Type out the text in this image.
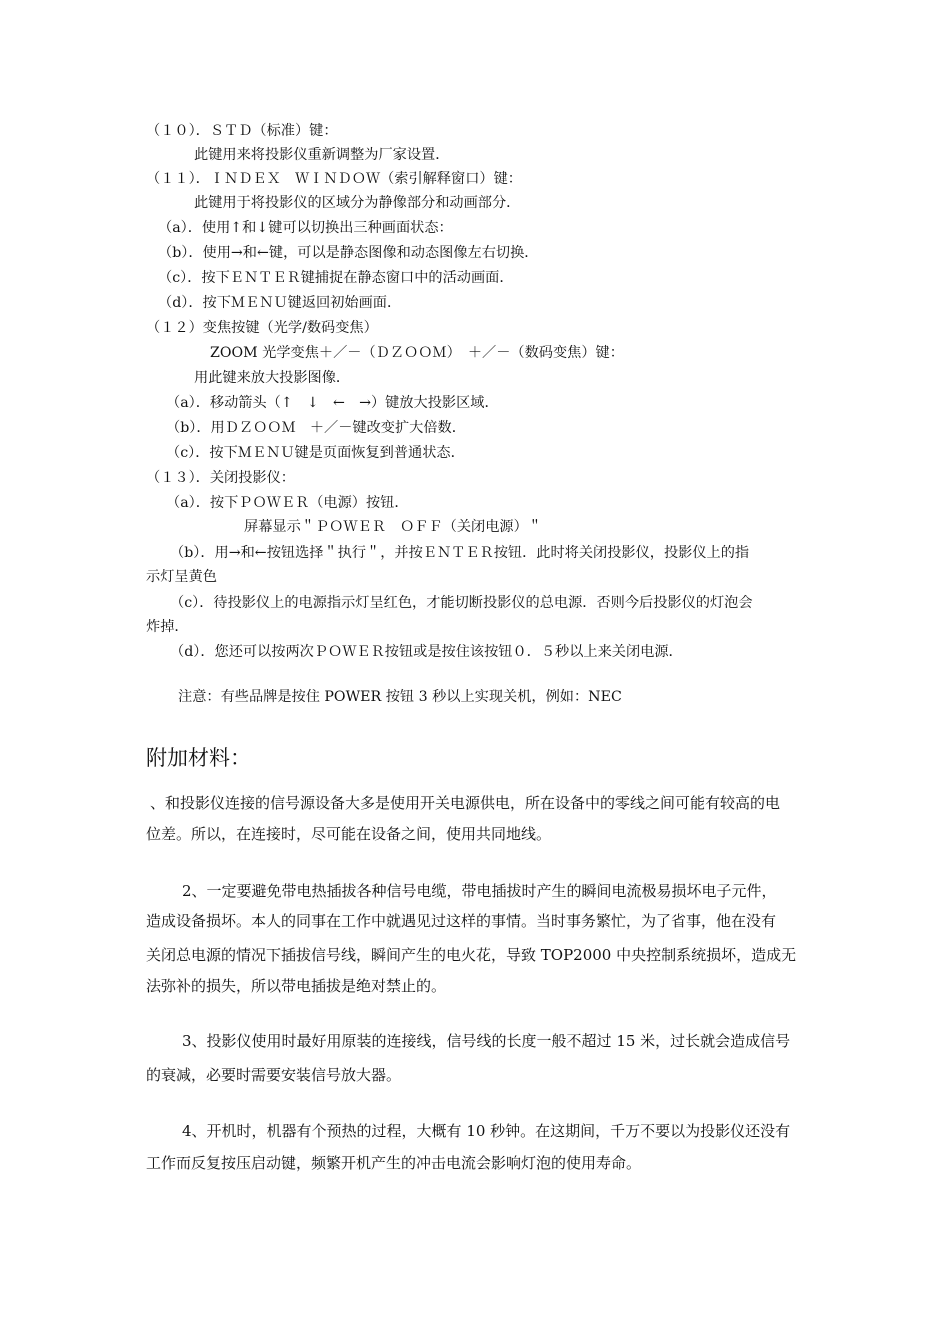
（１０）．ＳＴＤ（标准）键：
此键用来将投影仪重新调整为厂家设置．
（１１）．ＩＮＤＥＸ　ＷＩＮＤＯＷ（索引解释窗口）键：
此键用于将投影仪的区域分为静像部分和动画部分．
（a）．使用↑和↓键可以切换出三种画面状态：
（b）．使用→和←键，可以是静态图像和动态图像左右切换．
（c）．按下ＥＮＴＥＲ键捕捉在静态窗口中的活动画面．
（d）．按下ＭＥＮＵ键返回初始画面．
（１２）变焦按键（光学/数码变焦）
ZOOM 光学变焦＋／－（ＤＺＯＯＭ）　＋／－（数码变焦）键：
用此键来放大投影图像．
（a）．移动箭头（↑　↓　←　→）键放大投影区域．
（b）．用ＤＺＯＯＭ　＋／－键改变扩大倍数．
（c）．按下ＭＥＮＵ键是页面恢复到普通状态．
（１３）．关闭投影仪：
（a）．按下ＰＯＷＥＲ（电源）按钮．
屏幕显示＂ＰＯＷＥＲ　ＯＦＦ（关闭电源）＂
（b）．用→和←按钮选择＂执行＂，并按ＥＮＴＥＲ按钮．此时将关闭投影仪，投影仪上的指
示灯呈黄色
（c）．待投影仪上的电源指示灯呈红色，才能切断投影仪的总电源．否则今后投影仪的灯泡会
炸掉．
（d）．您还可以按两次ＰＯＷＥＲ按钮或是按住该按钮０．５秒以上来关闭电源．
注意：有些品牌是按住 POWER 按钮 3 秒以上实现关机，例如：NEC
附加材料：
、和投影仪连接的信号源设备大多是使用开关电源供电，所在设备中的零线之间可能有较高的电
位差。所以，在连接时，尽可能在设备之间，使用共同地线。
2、一定要避免带电热插拔各种信号电缆，带电插拔时产生的瞬间电流极易损坏电子元件，
造成设备损坏。本人的同事在工作中就遇见过这样的事情。当时事务繁忙，为了省事，他在没有
关闭总电源的情况下插拔信号线，瞬间产生的电火花，导致 TOP2000 中央控制系统损坏，造成无
法弥补的损失，所以带电插拔是绝对禁止的。
3、投影仪使用时最好用原装的连接线，信号线的长度一般不超过 15 米，过长就会造成信号
的衰减，必要时需要安装信号放大器。
4、开机时，机器有个预热的过程，大概有 10 秒钟。在这期间，千万不要以为投影仪还没有
工作而反复按压启动键，频繁开机产生的冲击电流会影响灯泡的使用寿命。
